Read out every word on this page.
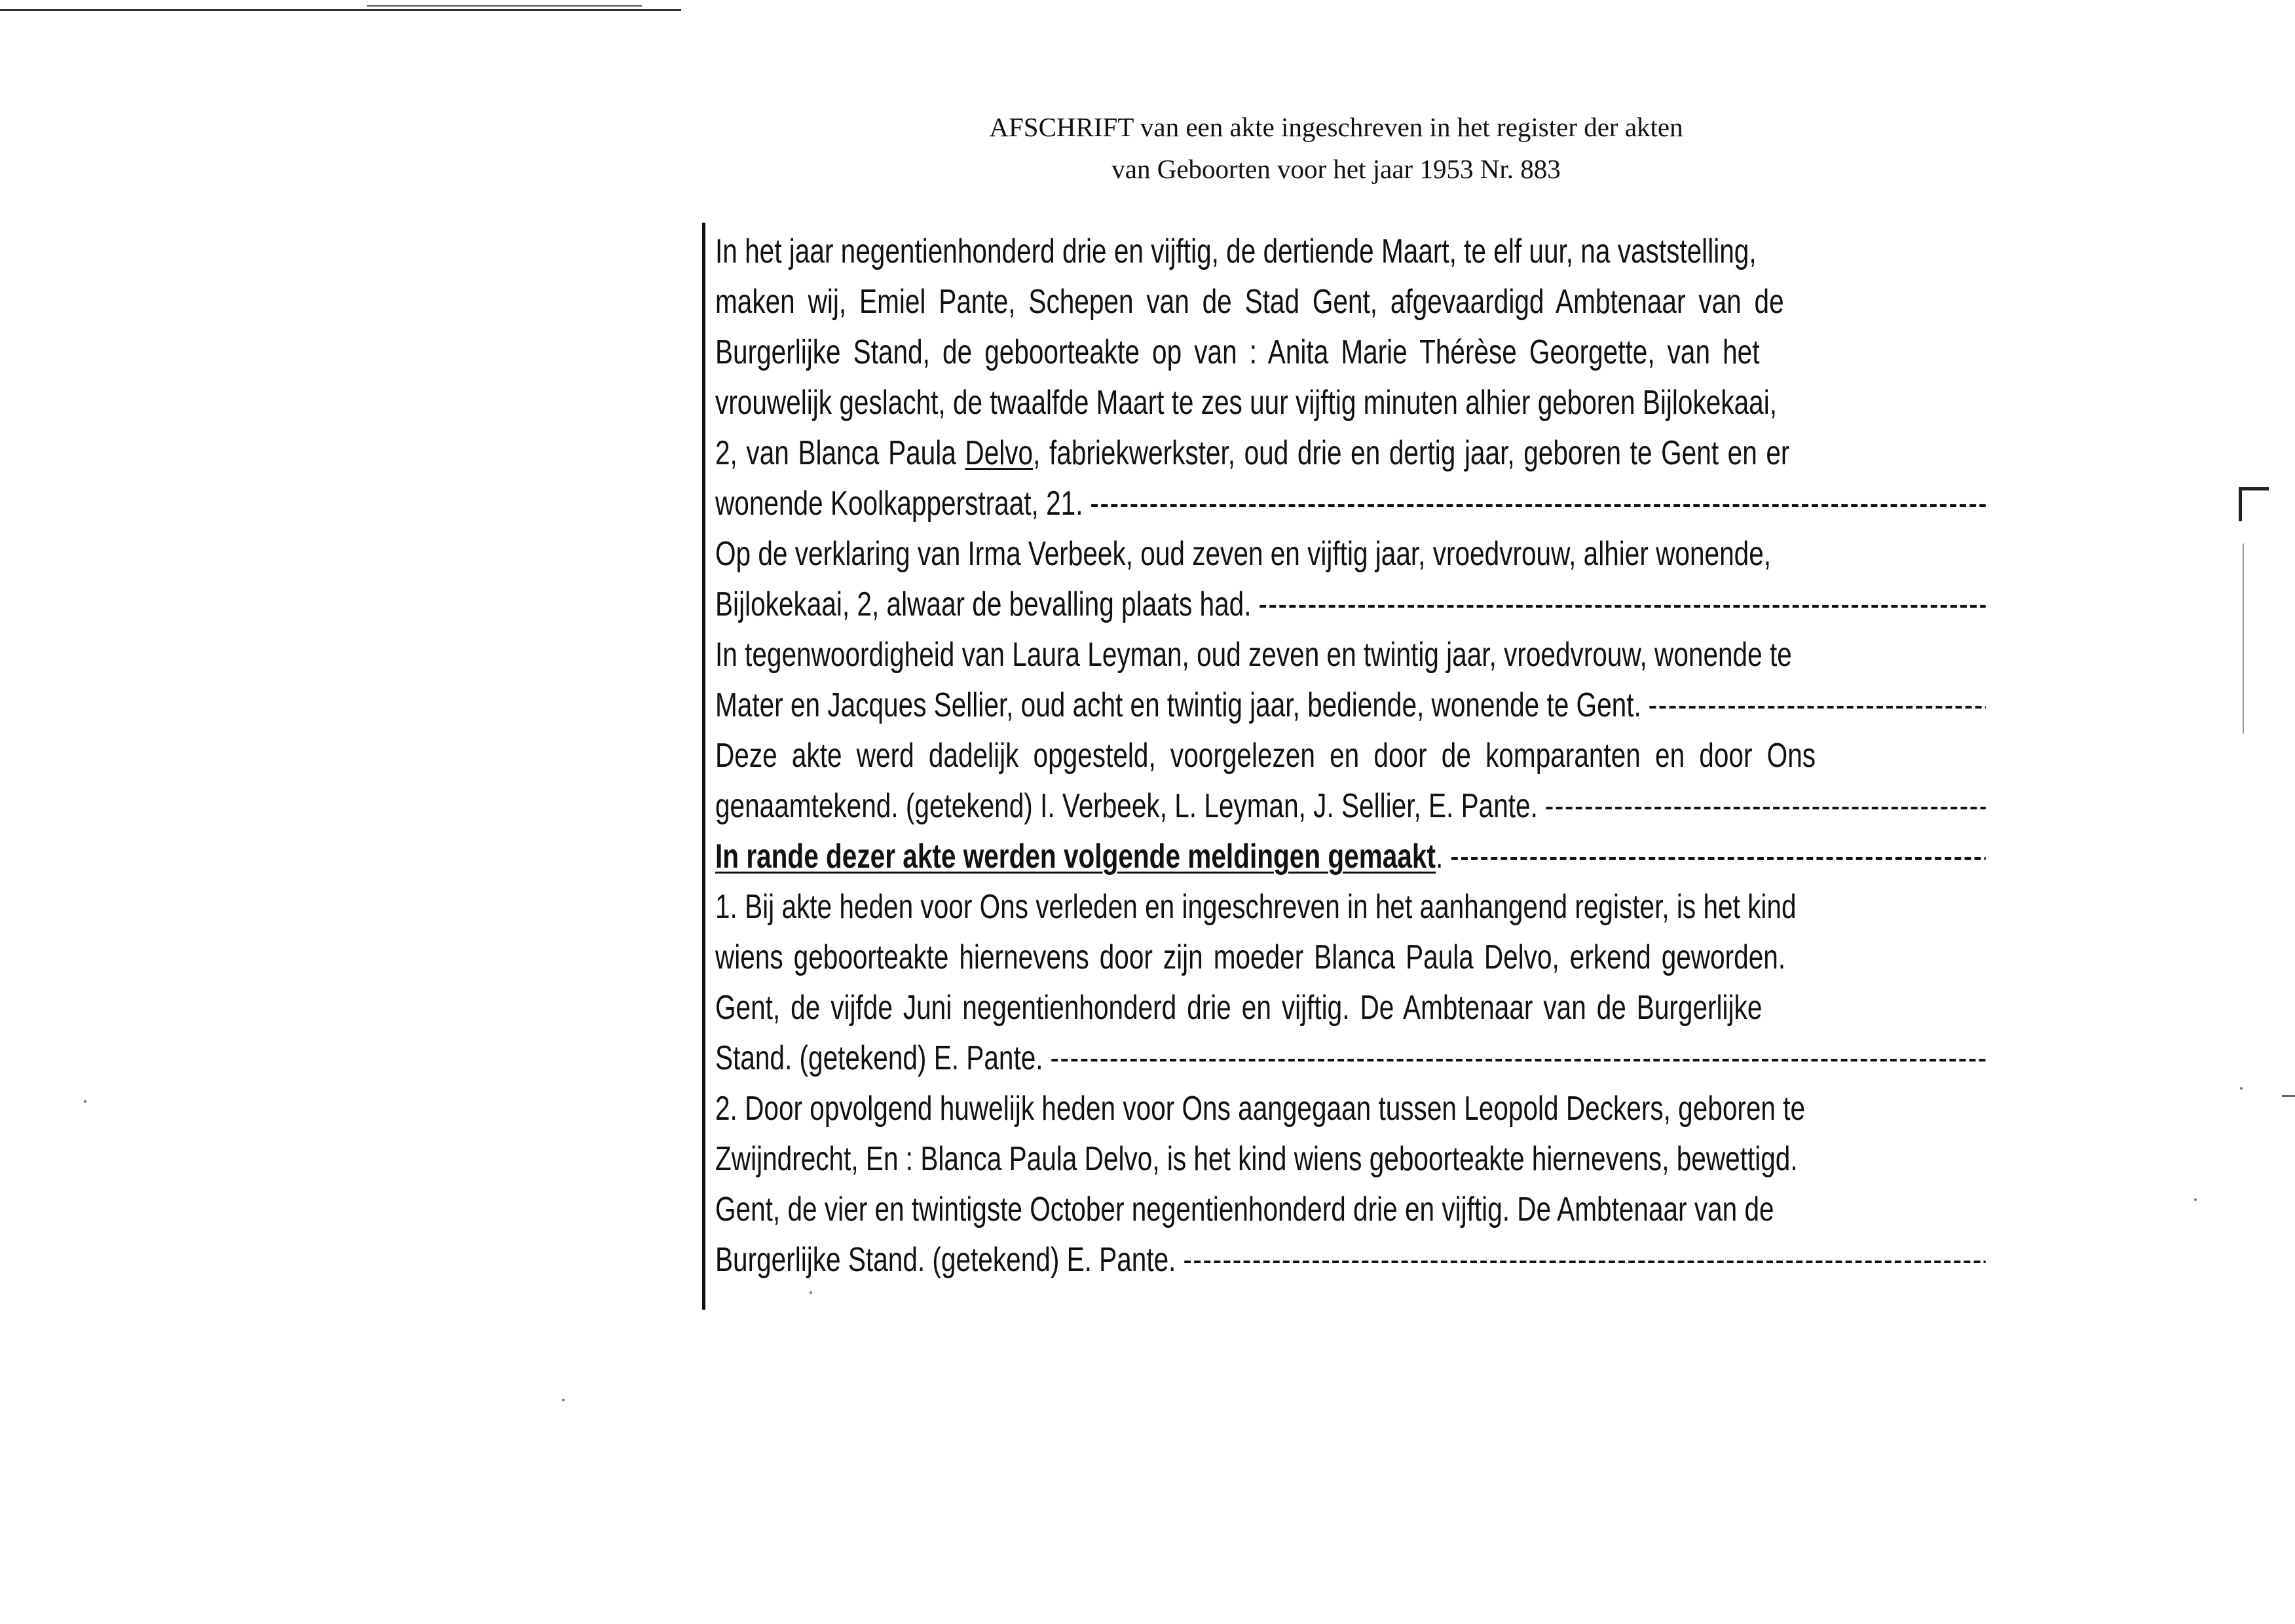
AFSCHRIFT van een akte ingeschreven in het register der akten
van Geboorten voor het jaar 1953 Nr. 883
In het jaar negentienhonderd drie en vijftig, de dertiende Maart, te elf uur, na vaststelling,
maken wij, Emiel Pante, Schepen van de Stad Gent, afgevaardigd Ambtenaar van de
Burgerlijke Stand, de geboorteakte op van : Anita Marie Thérèse Georgette, van het
vrouwelijk geslacht, de twaalfde Maart te zes uur vijftig minuten alhier geboren Bijlokekaai,
2, van Blanca Paula Delvo, fabriekwerkster, oud drie en dertig jaar, geboren te Gent en er
wonende Koolkapperstraat, 21.
-----
Op de verklaring van Irma Verbeek, oud zeven en vijftig jaar, vroedvrouw, alhier wonende,
Bijlokekaai, 2, alwaar de bevalling plaats had.
-----
In tegenwoordigheid van Laura Leyman, oud zeven en twintig jaar, vroedvrouw, wonende te
Mater en Jacques Sellier, oud acht en twintig jaar, bediende, wonende te Gent.
-----
Deze akte werd dadelijk opgesteld, voorgelezen en door de komparanten en door Ons
genaamtekend. (getekend) I. Verbeek, L. Leyman, J. Sellier, E. Pante.
-----
In rande dezer akte werden volgende meldingen gemaakt.
-----
1. Bij akte heden voor Ons verleden en ingeschreven in het aanhangend register, is het kind
wiens geboorteakte hiernevens door zijn moeder Blanca Paula Delvo, erkend geworden.
Gent, de vijfde Juni negentienhonderd drie en vijftig. De Ambtenaar van de Burgerlijke
Stand. (getekend) E. Pante.
-----
2. Door opvolgend huwelijk heden voor Ons aangegaan tussen Leopold Deckers, geboren te
Zwijndrecht, En : Blanca Paula Delvo, is het kind wiens geboorteakte hiernevens, bewettigd.
Gent, de vier en twintigste October negentienhonderd drie en vijftig. De Ambtenaar van de
Burgerlijke Stand. (getekend) E. Pante.
-----
